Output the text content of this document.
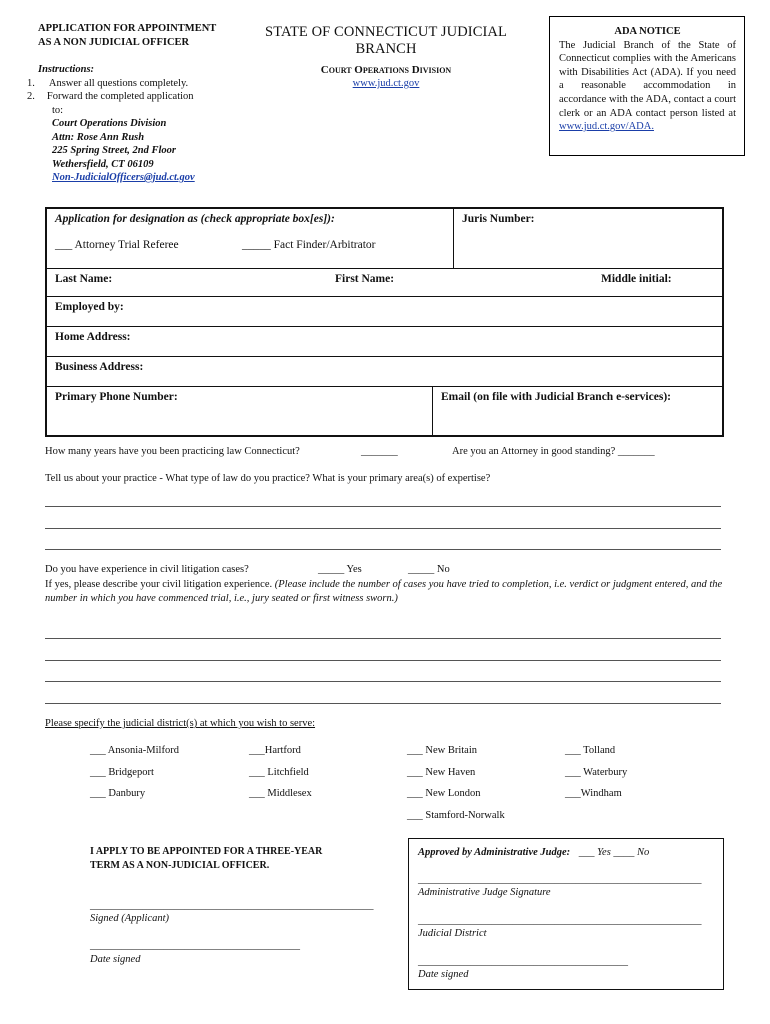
APPLICATION FOR APPOINTMENT
AS A NON JUDICIAL OFFICER
Instructions:
1. Answer all questions completely.
2. Forward the completed application
to:
Court Operations Division
Attn: Rose Ann Rush
225 Spring Street, 2nd Floor
Wethersfield, CT 06109
Non-JudicialOfficers@jud.ct.gov
STATE OF CONNECTICUT JUDICIAL BRANCH
Court Operations Division
www.jud.ct.gov
ADA NOTICE
The Judicial Branch of the State of Connecticut complies with the Americans with Disabilities Act (ADA). If you need a reasonable accommodation in accordance with the ADA, contact a court clerk or an ADA contact person listed at www.jud.ct.gov/ADA.
Application for designation as (check appropriate box[es]):
___ Attorney Trial Referee	_____ Fact Finder/Arbitrator
Juris Number:
Last Name:	First Name:	Middle initial:
Employed by:
Home Address:
Business Address:
Primary Phone Number:	Email (on file with Judicial Branch e-services):
How many years have you been practicing law Connecticut?	_______	Are you an Attorney in good standing? _______
Tell us about your practice - What type of law do you practice? What is your primary area(s) of expertise?
Do you have experience in civil litigation cases?	_____ Yes	_____ No
If yes, please describe your civil litigation experience. (Please include the number of cases you have tried to completion, i.e. verdict or judgment entered, and the number in which you have commenced trial, i.e., jury seated or first witness sworn.)
Please specify the judicial district(s) at which you wish to serve:
___ Ansonia-Milford
___ Bridgeport
___ Danbury
___Hartford
___ Litchfield
___ Middlesex
___ New Britain
___ New Haven
___ New London
___ Stamford-Norwalk
___ Tolland
___ Waterbury
___Windham
I APPLY TO BE APPOINTED FOR A THREE-YEAR
TERM AS A NON-JUDICIAL OFFICER.
______________________________________________________
Signed (Applicant)
________________________________________
Date signed
Approved by Administrative Judge: ___ Yes ____ No
______________________________________________________
Administrative Judge Signature
______________________________________________________
Judicial District
________________________________________
Date signed
